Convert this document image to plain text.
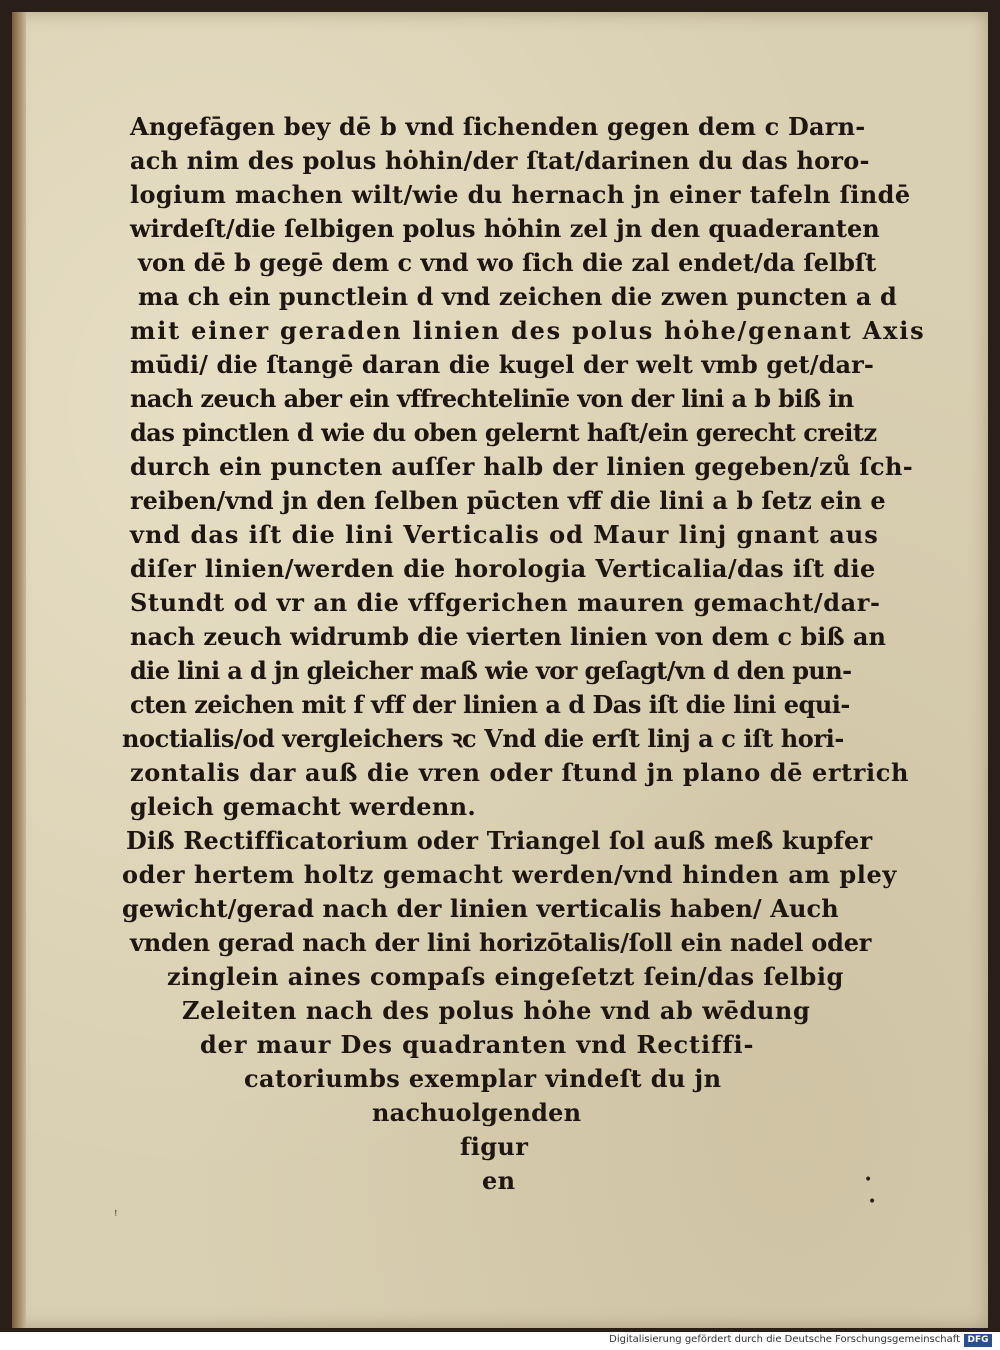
Angefāgen bey dē b vnd ſichenden gegen dem c Darn-
ach nim des polus hȯhin/der ſtat/darinen du das horo-
logium machen wilt/wie du hernach jn einer tafeln ſindē
wirdeſt/die ſelbigen polus hȯhin zel jn den quaderanten
von dē b gegē dem c vnd wo ſich die zal endet/da ſelbſt
ma ch ein punctlein d vnd zeichen die zwen puncten a d
mit einer geraden linien des polus hȯhe/genant Axis
mūdi/ die ſtangē daran die kugel der welt vmb get/dar-
nach zeuch aber ein vffrechtelinīe von der lini a b biß in
das pinctlen d wie du oben gelernt haſt/ein gerecht creitz
durch ein puncten auſſer halb der linien gegeben/zů ſch-
reiben/vnd jn den ſelben pūcten vff die lini a b ſetz ein e
vnd das iſt die lini Verticalis od Maur linj gnant aus
diſer linien/werden die horologia Verticalia/das iſt die
Stundt od vr an die vffgerichen mauren gemacht/dar-
nach zeuch widrumb die vierten linien von dem c biß an
die lini a d jn gleicher maß wie vor geſagt/vn d den pun-
cten zeichen mit f vff der linien a d Das iſt die lini equi-
noctialis/od vergleichers ꝛc Vnd die erſt linj a c iſt hori-
zontalis dar auß die vren oder ſtund jn plano dē ertrich
gleich gemacht werdenn.
Diß Rectifficatorium oder Triangel ſol auß meß kupfer
oder hertem holtz gemacht werden/vnd hinden am pley
gewicht/gerad nach der linien verticalis haben/ Auch
vnden gerad nach der lini horizōtalis/ſoll ein nadel oder
zinglein aines compaſs eingeſetzt ſein/das ſelbig
Zeleiten nach des polus hȯhe vnd ab wēdung
der maur Des quadranten vnd Rectiffi-
catoriumbs exemplar vindeſt du jn
nachuolgenden
figur
en	•
•
ꜝ
Digitalisierung gefördert durch die Deutsche Forschungsgemeinschaft DFG
